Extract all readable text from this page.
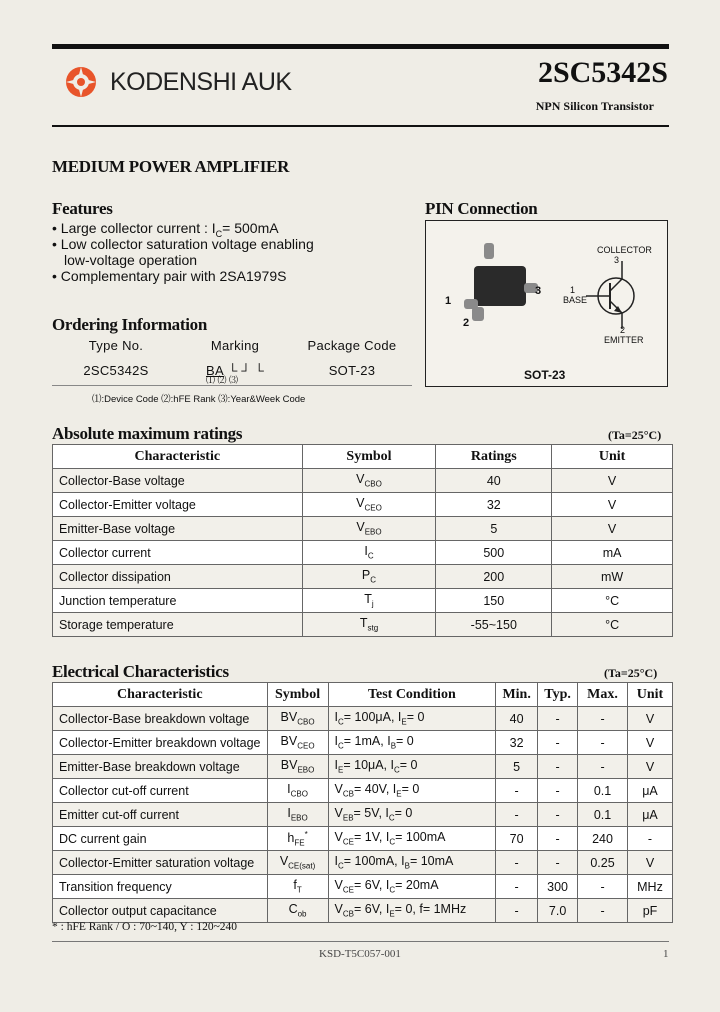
KODENSHI AUK	2SC5342S
NPN Silicon Transistor
MEDIUM POWER AMPLIFIER
Features
• Large collector current : $I_C= 500mA$
• Low collector saturation voltage enabling
low-voltage operation
• Complementary pair with 2SA1979S
Ordering Information
Type No.	Marking	Package Code
2SC5342S	BA └┘└	SOT-23
⑴ ⑵ ⑶
⑴:Device Code ⑵:hFE Rank ⑶:Year&Week Code
PIN Connection
COLLECTOR
3
1
BASE
2
EMITTER
1
2
3
SOT-23
Absolute maximum ratings	(Ta=25°C)
Characteristic	Symbol	Ratings	Unit
Collector-Base voltage	$V_{CBO}$	40	V
Collector-Emitter voltage	$V_{CEO}$	32	V
Emitter-Base voltage	$V_{EBO}$	5	V
Collector current	$I_C$	500	mA
Collector dissipation	$P_C$	200	mW
Junction temperature	$T_j$	150	°C
Storage temperature	$T_{stg}$	-55~150	°C
Electrical Characteristics	(Ta=25°C)
Characteristic	Symbol	Test Condition	Min.	Typ.	Max.	Unit
Collector-Base breakdown voltage	$BV_{CBO}$	$I_C= 100\mu A$, $I_E= 0$	40	-	-	V
Collector-Emitter breakdown voltage	$BV_{CEO}$	$I_C= 1mA$, $I_B= 0$	32	-	-	V
Emitter-Base breakdown voltage	$BV_{EBO}$	$I_E= 10\mu A$, $I_C= 0$	5	-	-	V
Collector cut-off current	$I_{CBO}$	$V_{CB}= 40V$, $I_E= 0$	-	-	0.1	μA
Emitter cut-off current	$I_{EBO}$	$V_{EB}= 5V$, $I_C= 0$	-	-	0.1	μA
DC current gain	$h_{FE}^*$	$V_{CE}= 1V$, $I_C= 100mA$	70	-	240	-
Collector-Emitter saturation voltage	$V_{CE(sat)}$	$I_C= 100mA$, $I_B= 10mA$	-	-	0.25	V
Transition frequency	$f_T$	$V_{CE}= 6V$, $I_C= 20mA$	-	300	-	MHz
Collector output capacitance	$C_{ob}$	$V_{CB}= 6V$, $I_E= 0$, f= 1MHz	-	7.0	-	pF
* : hFE Rank / O : 70~140, Y : 120~240
KSD-T5C057-001	1
